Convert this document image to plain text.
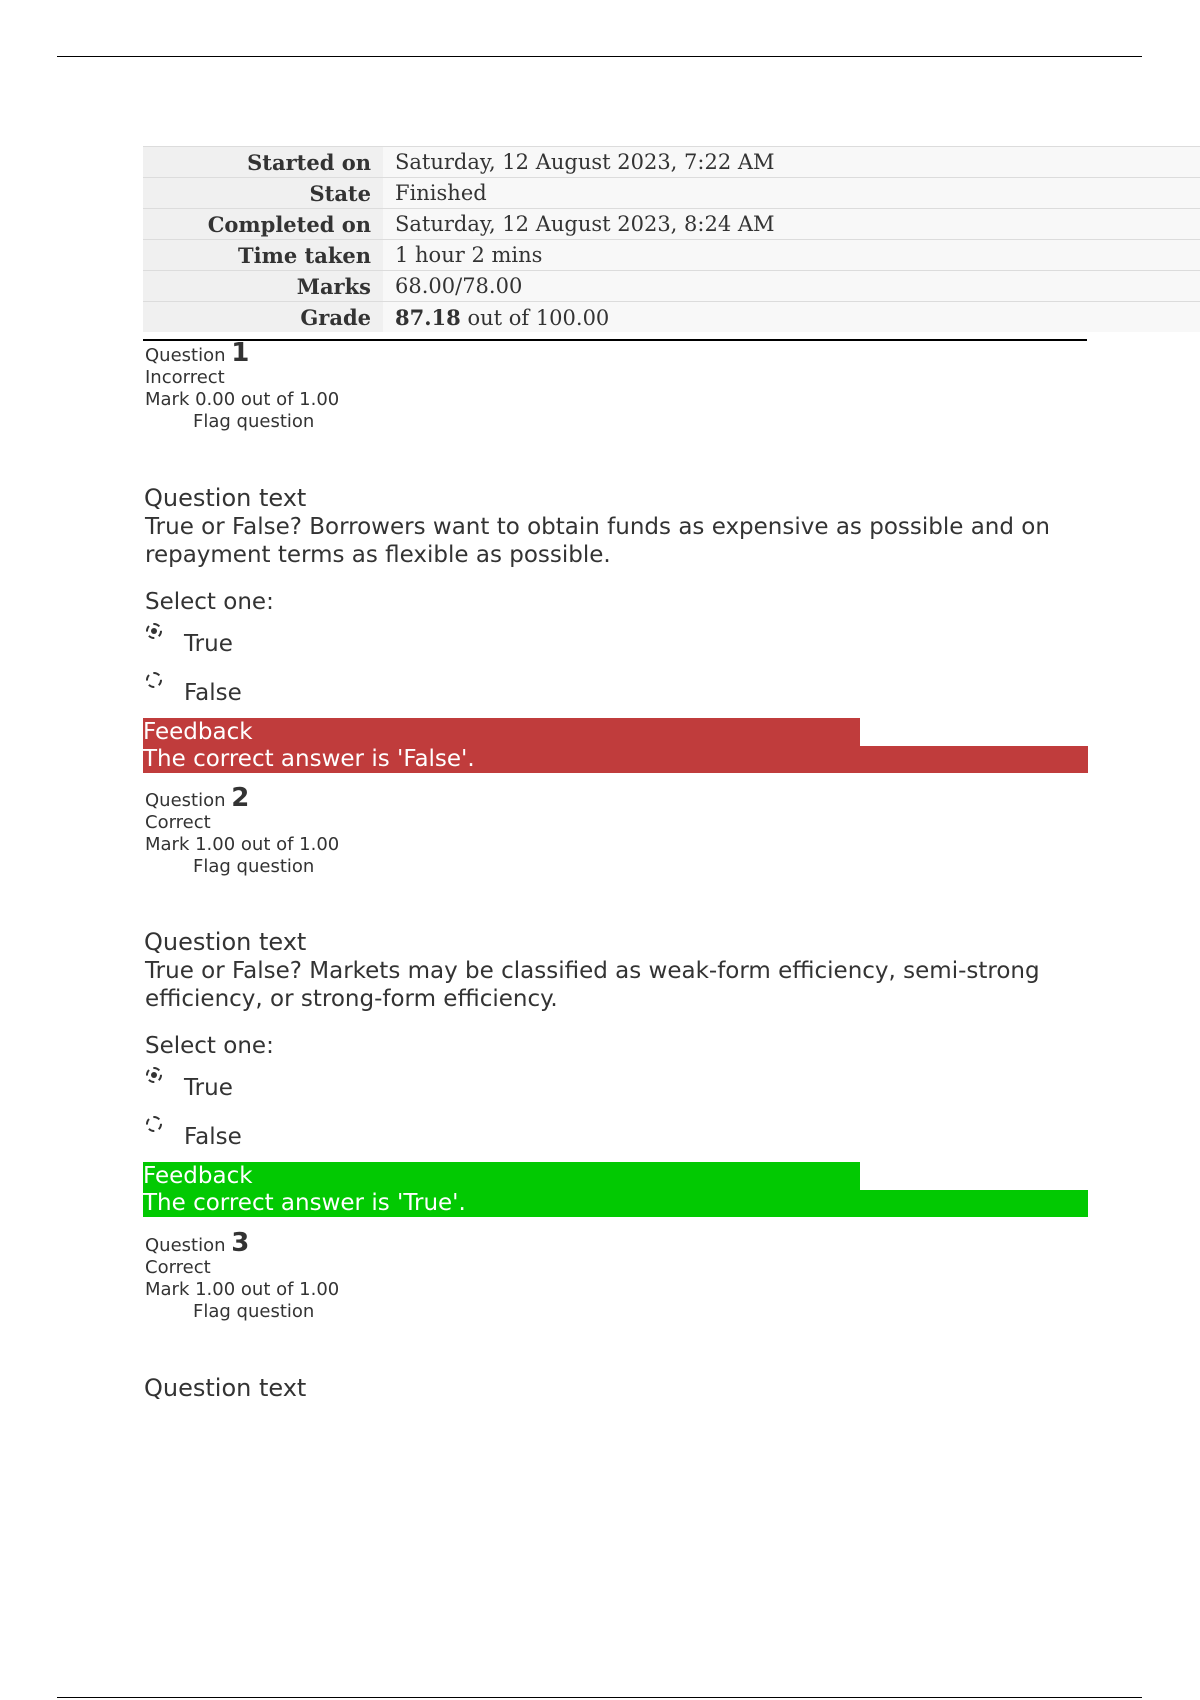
Started on	Saturday, 12 August 2023, 7:22 AM
State	Finished
Completed on	Saturday, 12 August 2023, 8:24 AM
Time taken	1 hour 2 mins
Marks	68.00/78.00
Grade	87.18 out of 100.00
Question 1
Incorrect
Mark 0.00 out of 1.00
Flag question
Question text
True or False? Borrowers want to obtain funds as expensive as possible and on repayment terms as flexible as possible.
Select one:
True
False
Feedback
The correct answer is 'False'.
Question 2
Correct
Mark 1.00 out of 1.00
Flag question
Question text
True or False? Markets may be classified as weak-form efficiency, semi-strong efficiency, or strong-form efficiency.
Select one:
True
False
Feedback
The correct answer is 'True'.
Question 3
Correct
Mark 1.00 out of 1.00
Flag question
Question text
